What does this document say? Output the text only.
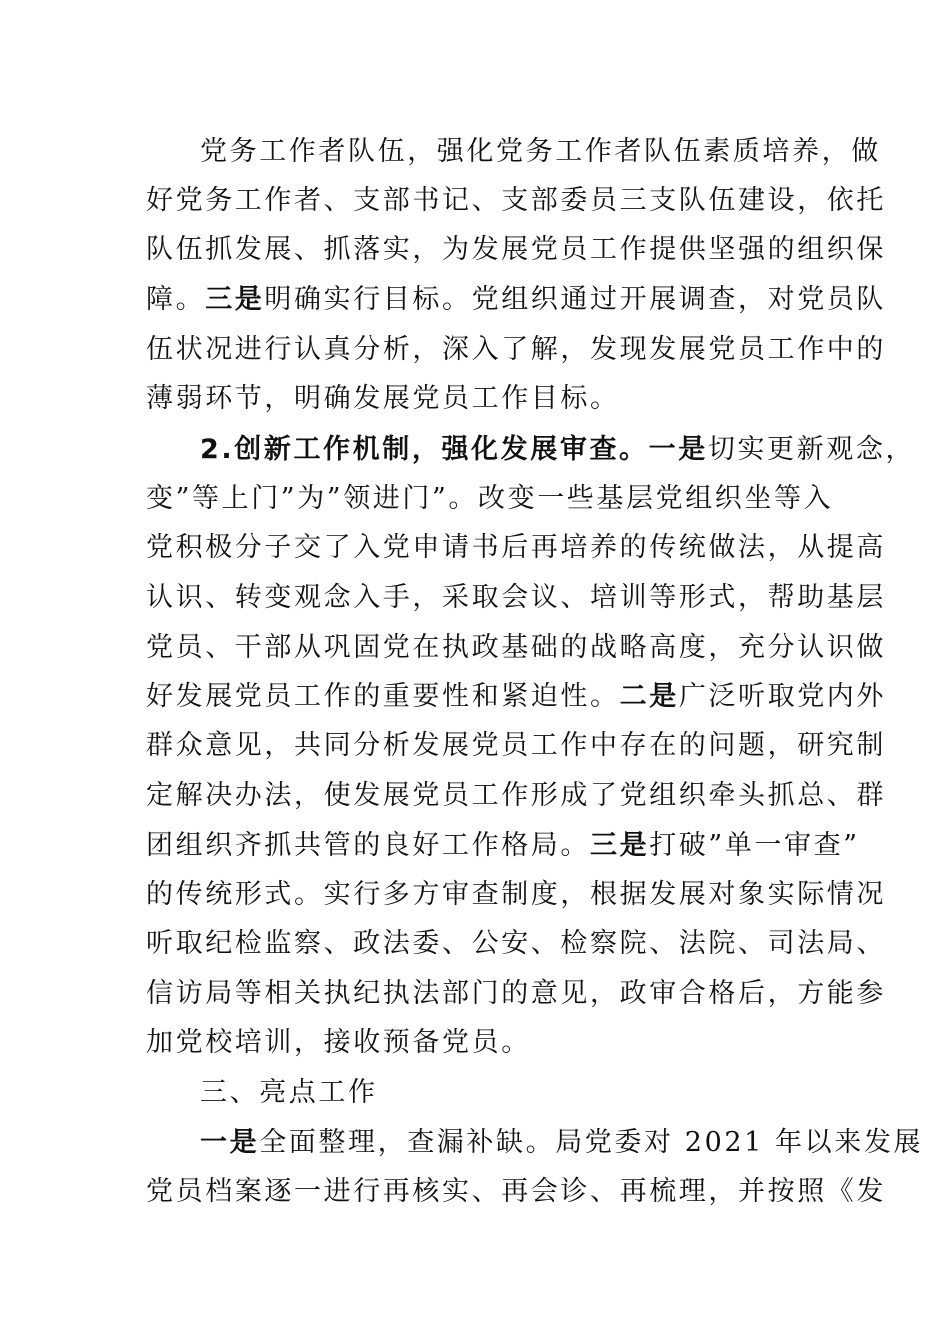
党务工作者队伍，强化党务工作者队伍素质培养，做
好党务工作者、支部书记、支部委员三支队伍建设，依托
队伍抓发展、抓落实，为发展党员工作提供坚强的组织保
障。三是明确实行目标。党组织通过开展调查，对党员队
伍状况进行认真分析，深入了解，发现发展党员工作中的
薄弱环节，明确发展党员工作目标。
2.创新工作机制，强化发展审查。一是切实更新观念，
变”等上门”为”领进门”。改变一些基层党组织坐等入
党积极分子交了入党申请书后再培养的传统做法，从提高
认识、转变观念入手，采取会议、培训等形式，帮助基层
党员、干部从巩固党在执政基础的战略高度，充分认识做
好发展党员工作的重要性和紧迫性。二是广泛听取党内外
群众意见，共同分析发展党员工作中存在的问题，研究制
定解决办法，使发展党员工作形成了党组织牵头抓总、群
团组织齐抓共管的良好工作格局。三是打破”单一审查”
的传统形式。实行多方审查制度，根据发展对象实际情况
听取纪检监察、政法委、公安、检察院、法院、司法局、
信访局等相关执纪执法部门的意见，政审合格后，方能参
加党校培训，接收预备党员。
三、亮点工作
一是全面整理，查漏补缺。局党委对 2021 年以来发展
党员档案逐一进行再核实、再会诊、再梳理，并按照《发
